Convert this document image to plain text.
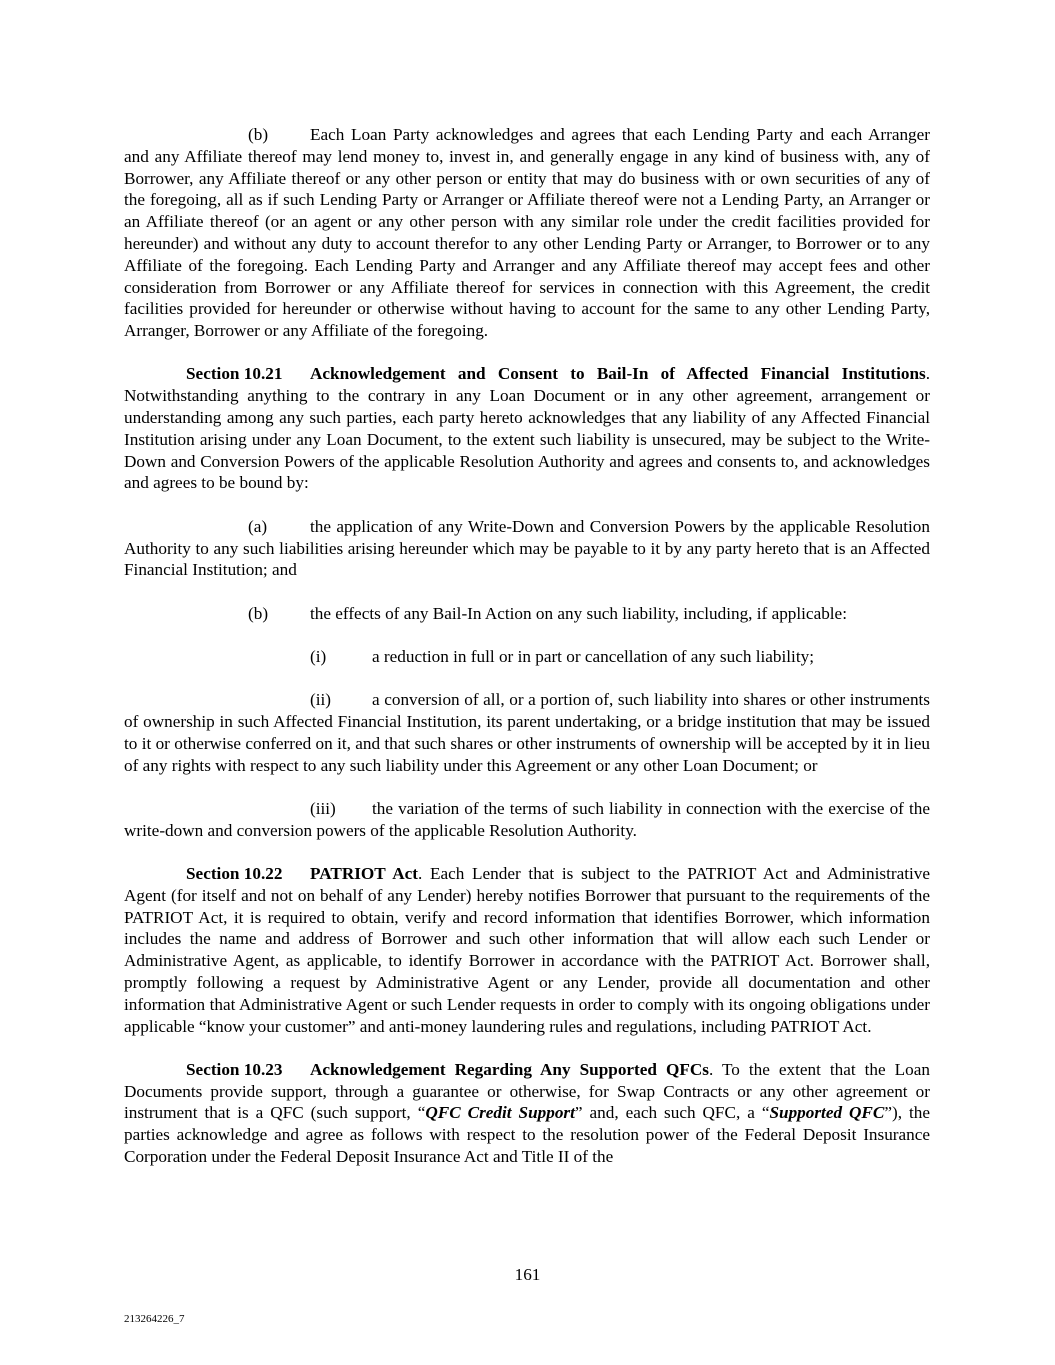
(b) Each Loan Party acknowledges and agrees that each Lending Party and each Arranger and any Affiliate thereof may lend money to, invest in, and generally engage in any kind of business with, any of Borrower, any Affiliate thereof or any other person or entity that may do business with or own securities of any of the foregoing, all as if such Lending Party or Arranger or Affiliate thereof were not a Lending Party, an Arranger or an Affiliate thereof (or an agent or any other person with any similar role under the credit facilities provided for hereunder) and without any duty to account therefor to any other Lending Party or Arranger, to Borrower or to any Affiliate of the foregoing. Each Lending Party and Arranger and any Affiliate thereof may accept fees and other consideration from Borrower or any Affiliate thereof for services in connection with this Agreement, the credit facilities provided for hereunder or otherwise without having to account for the same to any other Lending Party, Arranger, Borrower or any Affiliate of the foregoing.

Section 10.21 Acknowledgement and Consent to Bail-In of Affected Financial Institutions. Notwithstanding anything to the contrary in any Loan Document or in any other agreement, arrangement or understanding among any such parties, each party hereto acknowledges that any liability of any Affected Financial Institution arising under any Loan Document, to the extent such liability is unsecured, may be subject to the Write-Down and Conversion Powers of the applicable Resolution Authority and agrees and consents to, and acknowledges and agrees to be bound by:

(a) the application of any Write-Down and Conversion Powers by the applicable Resolution Authority to any such liabilities arising hereunder which may be payable to it by any party hereto that is an Affected Financial Institution; and

(b) the effects of any Bail-In Action on any such liability, including, if applicable:

(i)	a reduction in full or in part or cancellation of any such liability;

(ii) a conversion of all, or a portion of, such liability into shares or other instruments of ownership in such Affected Financial Institution, its parent undertaking, or a bridge institution that may be issued to it or otherwise conferred on it, and that such shares or other instruments of ownership will be accepted by it in lieu of any rights with respect to any such liability under this Agreement or any other Loan Document; or

(iii) the variation of the terms of such liability in connection with the exercise of the write-down and conversion powers of the applicable Resolution Authority.

Section 10.22 PATRIOT Act. Each Lender that is subject to the PATRIOT Act and Administrative Agent (for itself and not on behalf of any Lender) hereby notifies Borrower that pursuant to the requirements of the PATRIOT Act, it is required to obtain, verify and record information that identifies Borrower, which information includes the name and address of Borrower and such other information that will allow each such Lender or Administrative Agent, as applicable, to identify Borrower in accordance with the PATRIOT Act. Borrower shall, promptly following a request by Administrative Agent or any Lender, provide all documentation and other information that Administrative Agent or such Lender requests in order to comply with its ongoing obligations under applicable “know your customer” and anti-money laundering rules and regulations, including PATRIOT Act.

Section 10.23 Acknowledgement Regarding Any Supported QFCs. To the extent that the Loan Documents provide support, through a guarantee or otherwise, for Swap Contracts or any other agreement or instrument that is a QFC (such support, “QFC Credit Support” and, each such QFC, a “Supported QFC”), the parties acknowledge and agree as follows with respect to the resolution power of the Federal Deposit Insurance Corporation under the Federal Deposit Insurance Act and Title II of the

161
213264226_7
